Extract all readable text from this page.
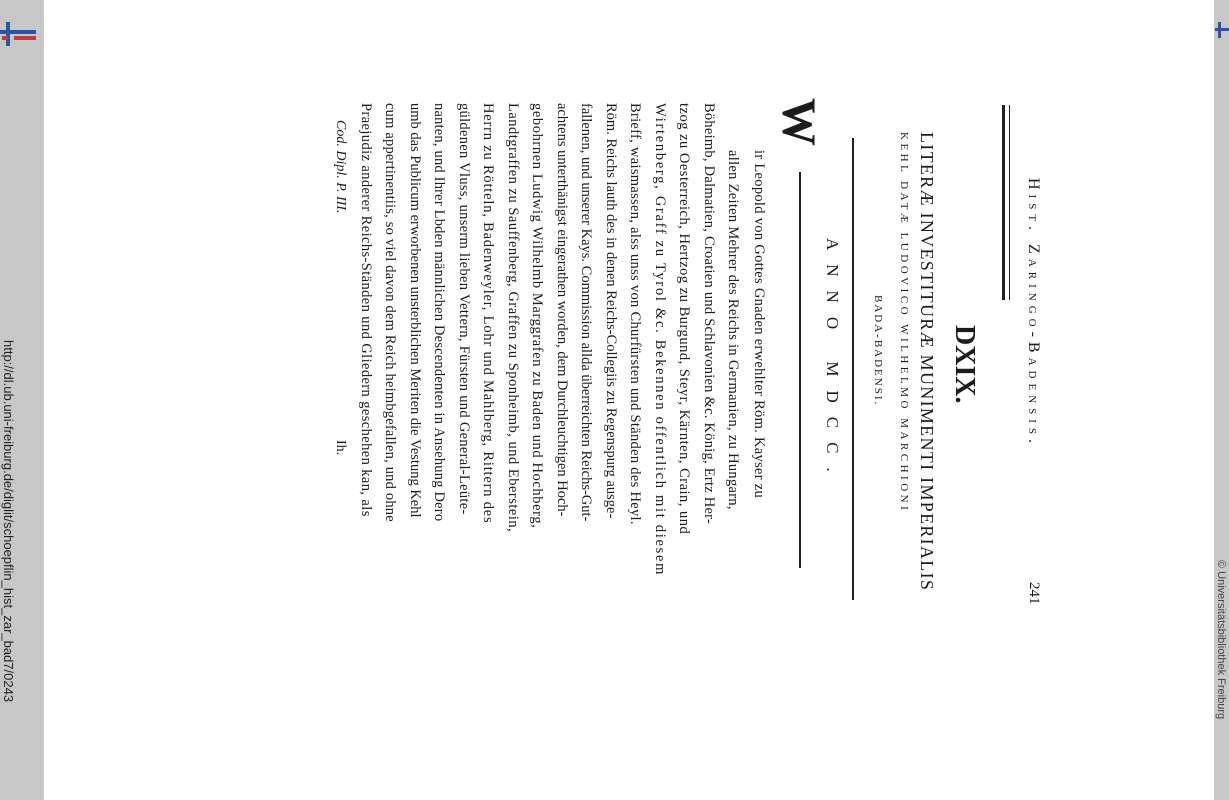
http://dl.ub.uni-freiburg.de/diglit/schoepflin_hist_zar_bad7/0243
Hist. Zaringo-Badensis.
241
DXIX.
LITERÆ INVESTITURÆ MUNIMENTI IMPERIALIS
KEHL DATÆ LUDOVICO WILHELMO MARCHIONI
BADA-BADENSI.
ANNO MDCC.
W
ir Leopold von Gottes Gnaden erwehlter Röm. Kayser zu
allen Zeiten Mehrer des Reichs in Germanien, zu Hungarn,
Böheimb, Dalmatien, Croatien und Schlavonien &c. König, Ertz Her-
tzog zu Oesterreich, Hertzog zu Burgund, Steyr, Kärnten, Crain, und
Wirtenberg, Graff zu Tyrol &c. Bekennen offentlich mit diesem
Brieff, waismassen, alss unss von Churfürsten und Ständen des Heyl.
Röm. Reichs lauth des in denen Reichs-Collegiis zu Regenspurg ausge-
fallenen, und unserer Kays. Commission allda überreichten Reichs-Gut-
achtens unterthänigst eingerathen worden, dem Durchleuchtigen Hoch-
gebohrnen Ludwig Wilhelmb Marggrafen zu Baden und Hochberg,
Landtgraffen zu Sauffenberg, Graffen zu Sponheimb, und Eberstein,
Herrn zu Rötteln, Badenweyler, Lohr und Mahlberg, Rittern des
güldenen Vluss, unserm lieben Vettern, Fürsten und General-Leüte-
nanten, und Ihrer Lbden männlichen Descendenten in Ansehung Dero
umb das Publicum erworbenen unsterblichen Meriten die Vestung Kehl
cum appertinentiis, so viel davon dem Reich heimbgefallen, und ohne
Praejudiz anderer Reichs-Ständen und Gliedern geschehen kan, als
Cod. Dipl. P. III.
Ih.
© Universitätsbibliothek Freiburg
